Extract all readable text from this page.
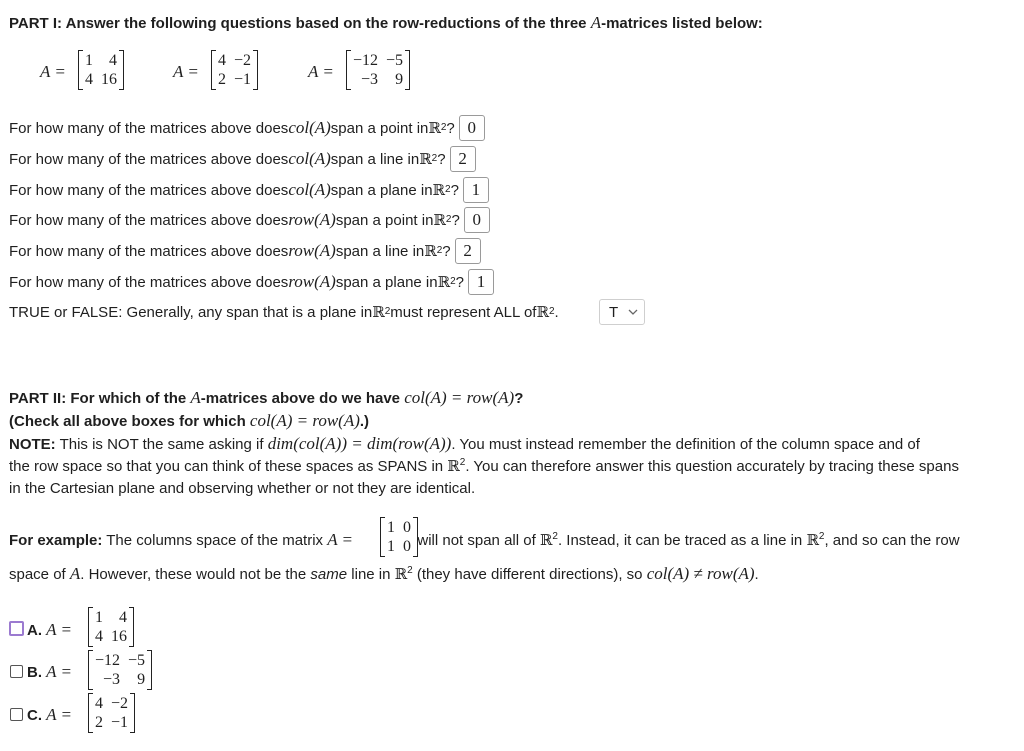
PART I: Answer the following questions based on the row-reductions of the three A-matrices listed below:
A =
1	4
4 16	A =
4 −2
2 −1	A =
−12 −5
−3	9
For how many of the matrices above does col(A) span a point in ℝ 2 ? 0
For how many of the matrices above does col(A) span a line in ℝ 2 ? 2
For how many of the matrices above does col(A) span a plane in ℝ 2 ? 1
For how many of the matrices above does row(A) span a point in ℝ 2 ? 0
For how many of the matrices above does row(A) span a line in ℝ 2 ? 2
For how many of the matrices above does row(A) span a plane in ℝ 2 ? 1
TRUE or FALSE: Generally, any span that is a plane in ℝ 2 must represent ALL of ℝ 2 .	T
PART II: For which of the A-matrices above do we have col(A) = row(A)?
(Check all above boxes for which col(A) = row(A).)
NOTE: This is NOT the same asking if dim(col(A)) = dim(row(A)). You must instead remember the definition of the column space and of
the row space so that you can think of these spaces as SPANS in ℝ$^2$. You can therefore answer this question accurately by tracing these spans
in the Cartesian plane and observing whether or not they are identical.
For example: The columns space of the matrix A =	will not span all of ℝ$^2$. Instead, it can be traced as a line in ℝ$^2$, and so can the row
1 0
1 0
space of A. However, these would not be the same line in ℝ$^2$ (they have different directions), so col(A) ≠ row(A).
A. A =
1	4
4 16
B. A =
−12 −5
−3	9
C. A =
4 −2
2 −1
